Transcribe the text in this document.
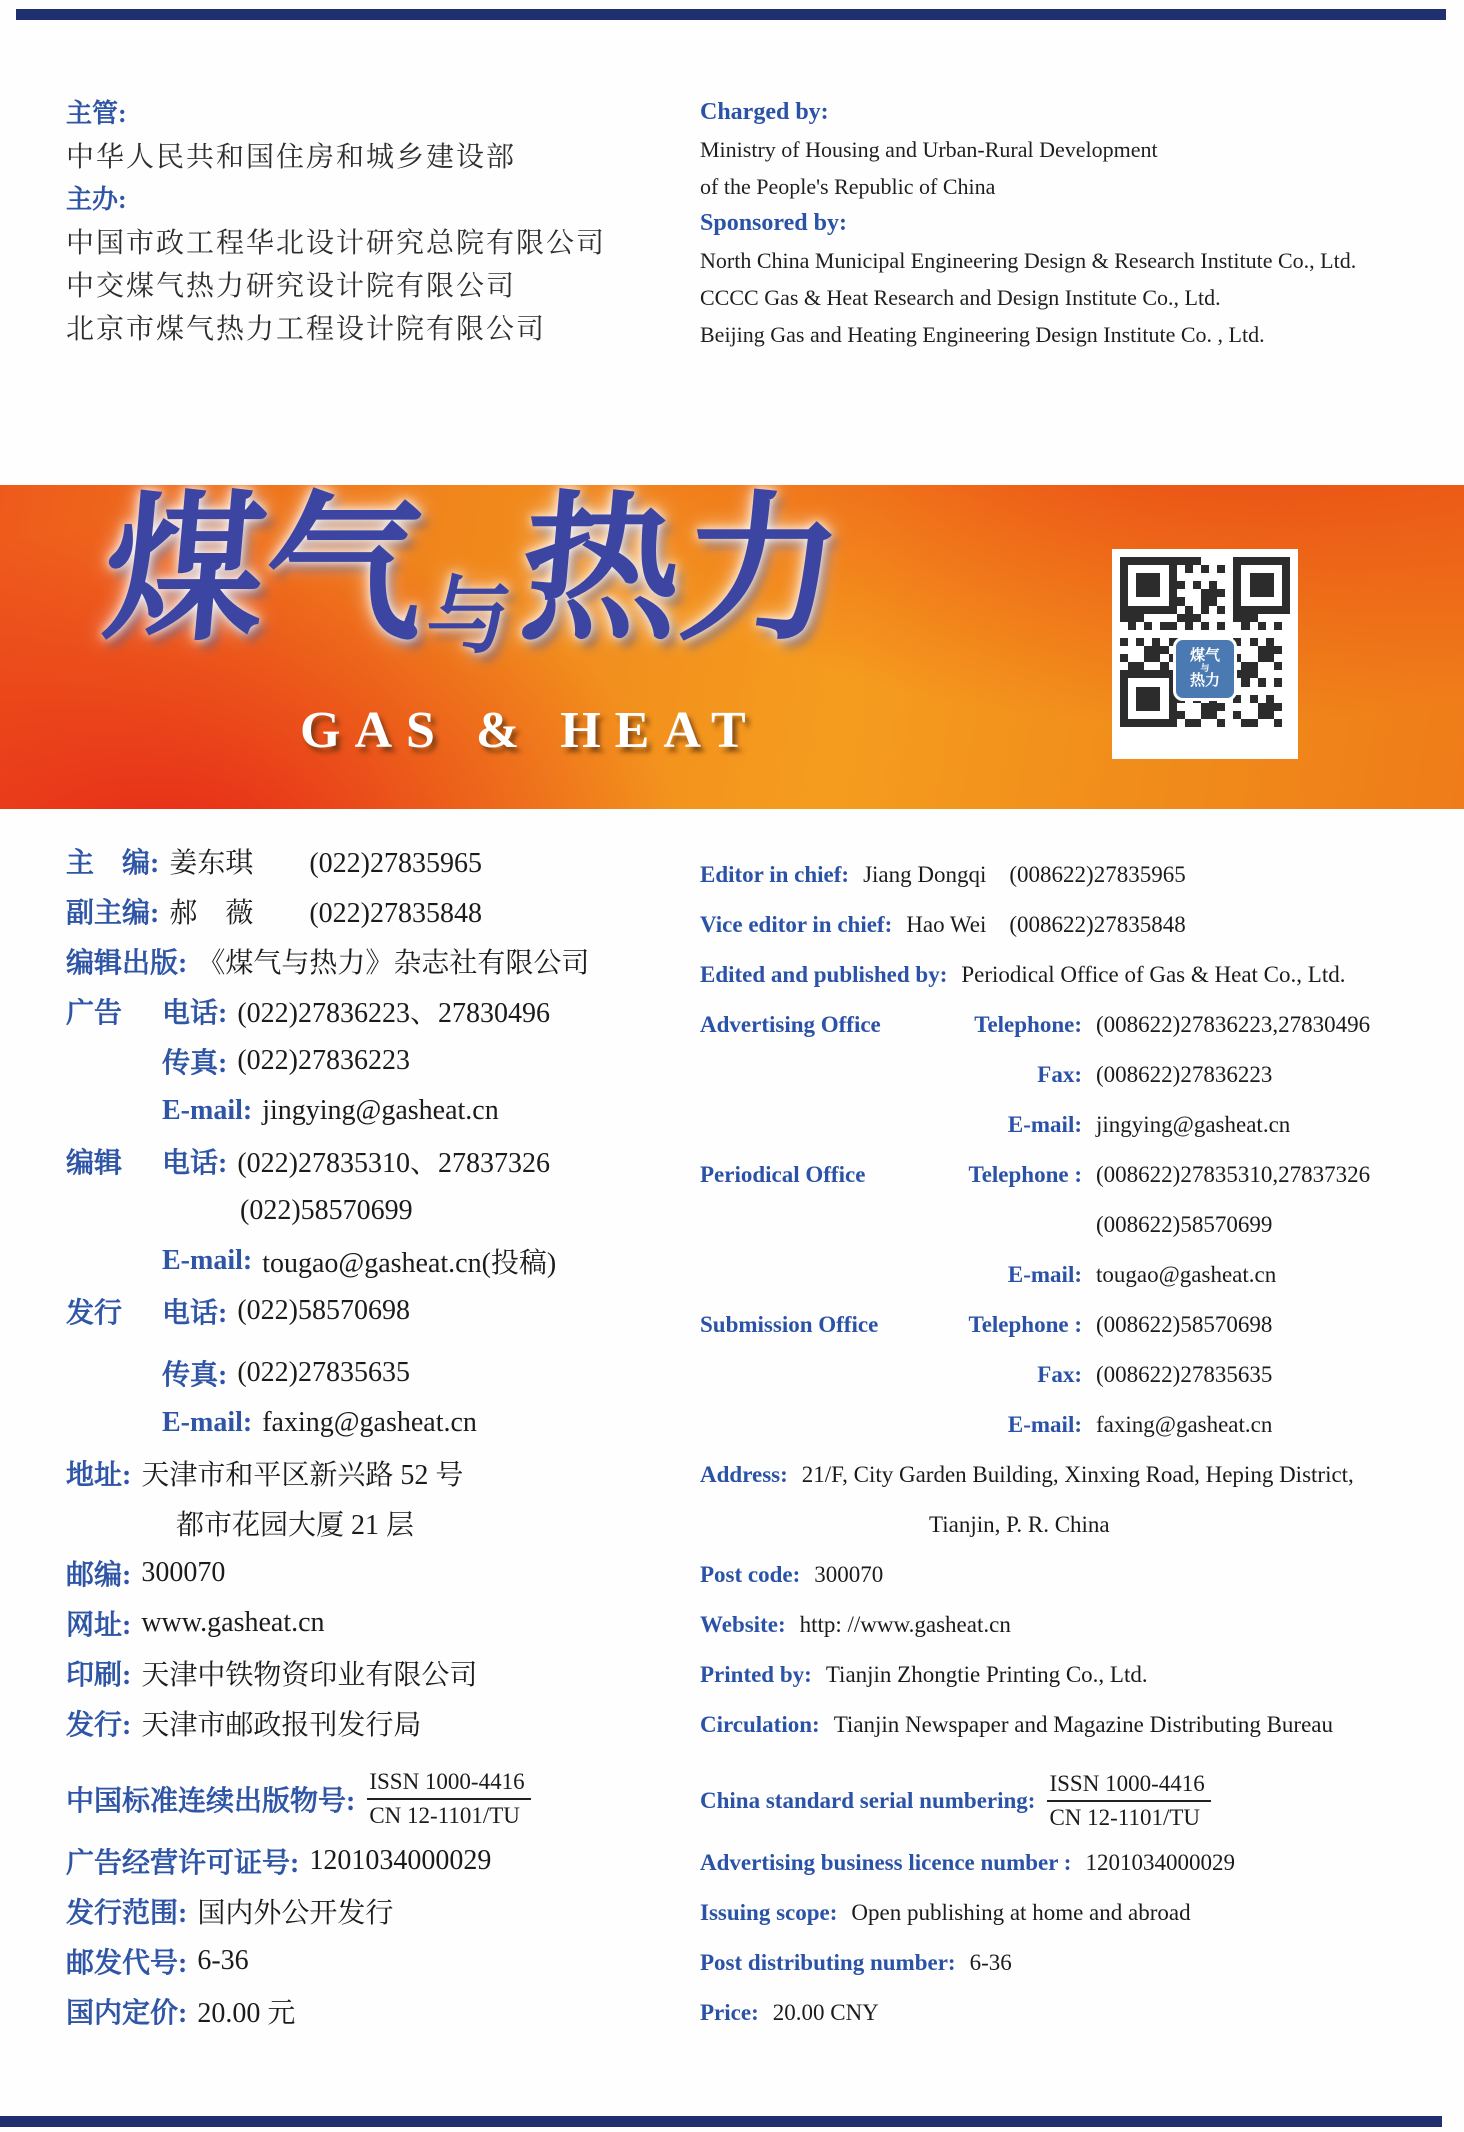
主管:
中华人民共和国住房和城乡建设部
主办:
中国市政工程华北设计研究总院有限公司
中交煤气热力研究设计院有限公司
北京市煤气热力工程设计院有限公司
Charged by:
Ministry of Housing and Urban-Rural Development
of the People's Republic of China
Sponsored by:
North China Municipal Engineering Design & Research Institute Co., Ltd.
CCCC Gas & Heat Research and Design Institute Co., Ltd.
Beijing Gas and Heating Engineering Design Institute Co. , Ltd.
煤气与热力
GAS & HEAT
煤气
与
热力
主　编: 姜东琪　　(022)27835965
副主编: 郝　薇　　(022)27835848
编辑出版: 《煤气与热力》杂志社有限公司
广告	电话: (022)27836223、27830496
传真: (022)27836223
E-mail: jingying@gasheat.cn
编辑	电话: (022)27835310、27837326
(022)58570699
E-mail: tougao@gasheat.cn(投稿)
发行	电话: (022)58570698
传真: (022)27835635
E-mail: faxing@gasheat.cn
地址: 天津市和平区新兴路 52 号
都市花园大厦 21 层
邮编: 300070
网址: www.gasheat.cn
印刷: 天津中铁物资印业有限公司
发行: 天津市邮政报刊发行局
中国标准连续出版物号: $\frac{\text{ISSN 1000-4416}}{CN 12-1101/TU}$
广告经营许可证号: 1201034000029
发行范围: 国内外公开发行
邮发代号: 6-36
国内定价: 20.00 元
Editor in chief: Jiang Dongqi  (008622)27835965
Vice editor in chief: Hao Wei  (008622)27835848
Edited and published by: Periodical Office of Gas & Heat Co., Ltd.
Advertising Office	Telephone: (008622)27836223,27830496
Fax: (008622)27836223
E-mail: jingying@gasheat.cn
Periodical Office	Telephone : (008622)27835310,27837326
(008622)58570699
E-mail: tougao@gasheat.cn
Submission Office	Telephone : (008622)58570698
Fax: (008622)27835635
E-mail: faxing@gasheat.cn
Address: 21/F, City Garden Building, Xinxing Road, Heping District,
Tianjin, P. R. China
Post code: 300070
Website: http: //www.gasheat.cn
Printed by: Tianjin Zhongtie Printing Co., Ltd.
Circulation: Tianjin Newspaper and Magazine Distributing Bureau
China standard serial numbering: $\frac{\text{ISSN 1000-4416}}{CN 12-1101/TU}$
Advertising business licence number : 1201034000029
Issuing scope: Open publishing at home and abroad
Post distributing number: 6-36
Price: 20.00 CNY
